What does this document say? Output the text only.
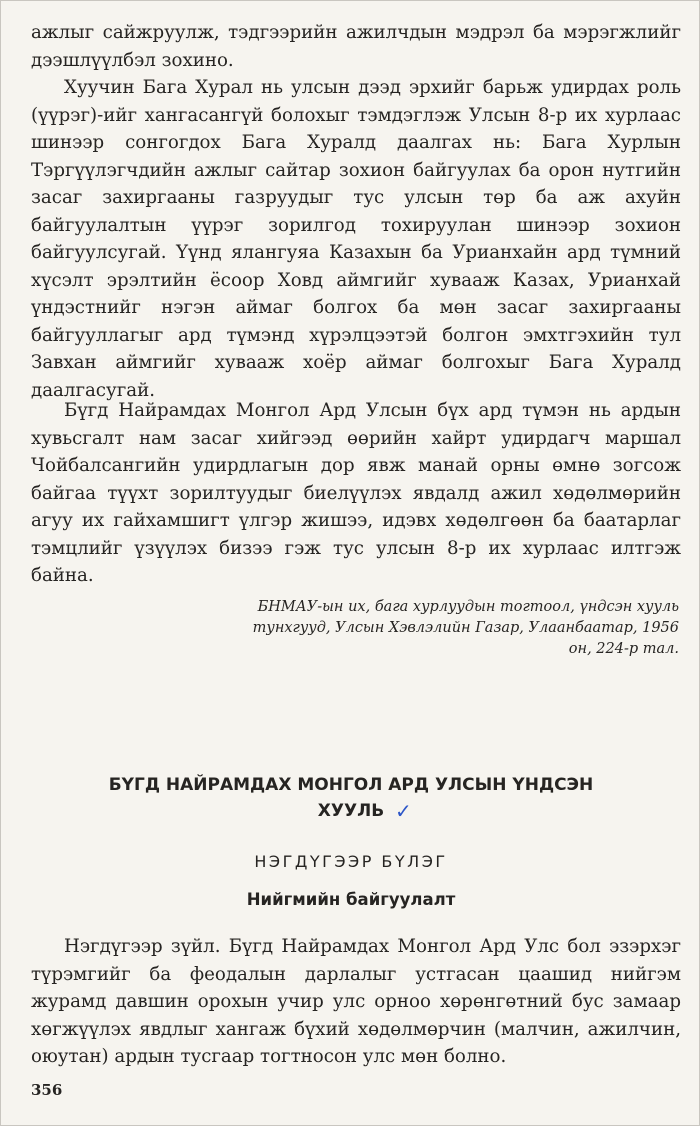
ажлыг сайжруулж, тэдгээрийн ажилчдын мэдрэл ба мэрэгжлийг дээшлүүлбэл зохино.

Хуучин Бага Хурал нь улсын дээд эрхийг барьж удирдах роль (үүрэг)-ийг хангасангүй болохыг тэмдэглэж Улсын 8-р их хурлаас шинээр сонгогдох Бага Хуралд даалгах нь: Бага Хурлын Тэргүүлэгчдийн ажлыг сайтар зохион байгуулах ба орон нутгийн засаг захиргааны газруудыг тус улсын төр ба аж ахуйн байгуулалтын үүрэг зорилгод тохируулан шинээр зохион байгуулсугай. Үүнд ялангуяа Казахын ба Урианхайн ард түмний хүсэлт эрэлтийн ёсоор Ховд аймгийг хувааж Казах, Урианхай үндэстнийг нэгэн аймаг болгох ба мөн засаг захиргааны байгууллагыг ард түмэнд хүрэлцээтэй болгон эмхтгэхийн тул Завхан аймгийг хувааж хоёр аймаг болгохыг Бага Хуралд даалгасугай.

Бүгд Найрамдах Монгол Ард Улсын бүх ард түмэн нь ардын хувьсгалт нам засаг хийгээд өөрийн хайрт удирдагч маршал Чойбалсангийн удирдлагын дор явж манай орны өмнө зогсож байгаа түүхт зорилтуудыг биелүүлэх явдалд ажил хөдөлмөрийн агуу их гайхамшигт үлгэр жишээ, идэвх хөдөлгөөн ба баатарлаг тэмцлийг үзүүлэх бизээ гэж тус улсын 8-р их хурлаас илтгэж байна.

БНМАУ-ын их, бага хурлуудын тогтоол, үндсэн хууль тунхгууд, Улсын Хэвлэлийн Газар, Улаанбаатар, 1956 он, 224-р тал.

БҮГД НАЙРАМДАХ МОНГОЛ АРД УЛСЫН ҮНДСЭН
ХУУЛЬ ✓

НЭГДҮГЭЭР БҮЛЭГ

Нийгмийн байгуулалт

Нэгдүгээр зүйл. Бүгд Найрамдах Монгол Ард Улс бол эзэрхэг түрэмгийг ба феодалын дарлалыг устгасан цаашид нийгэм журамд давшин орохын учир улс орноо хөрөнгөтний бус замаар хөгжүүлэх явдлыг хангаж бүхий хөдөлмөрчин (малчин, ажилчин, оюутан) ардын тусгаар тогтносон улс мөн болно.

356
